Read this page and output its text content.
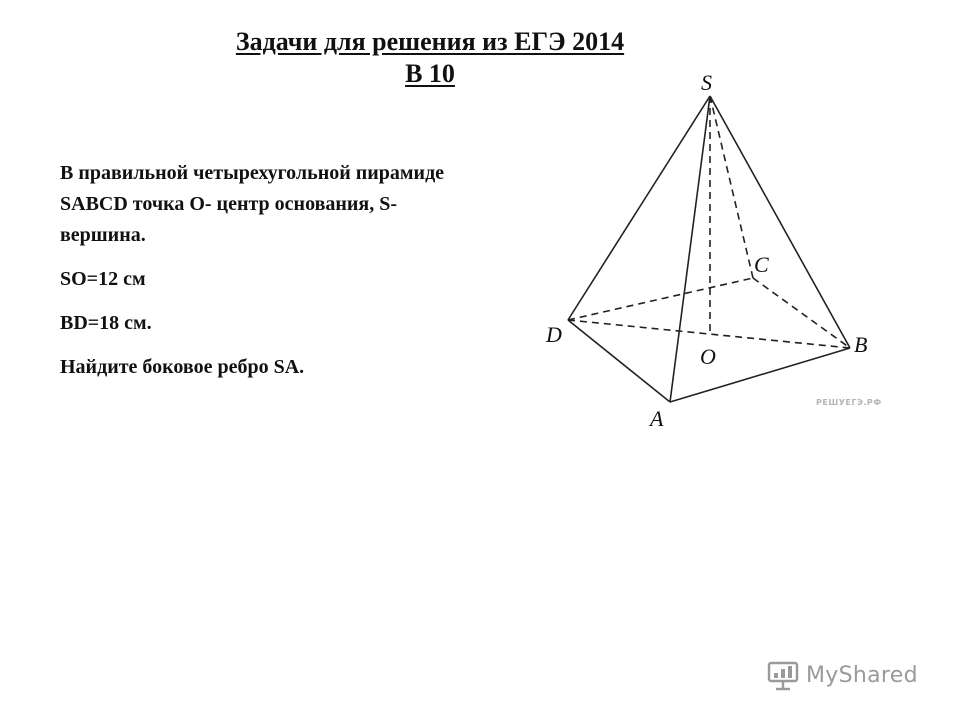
Задачи для решения из ЕГЭ 2014
B 10

В правильной четырехугольной пирамиде SABCD точка О- центр основания, S-вершина.

SO=12 см

BD=18 см.

Найдите боковое ребро SA.

S
D
C
B
A
O
РЕШУЕГЭ.РФ
MyShared
